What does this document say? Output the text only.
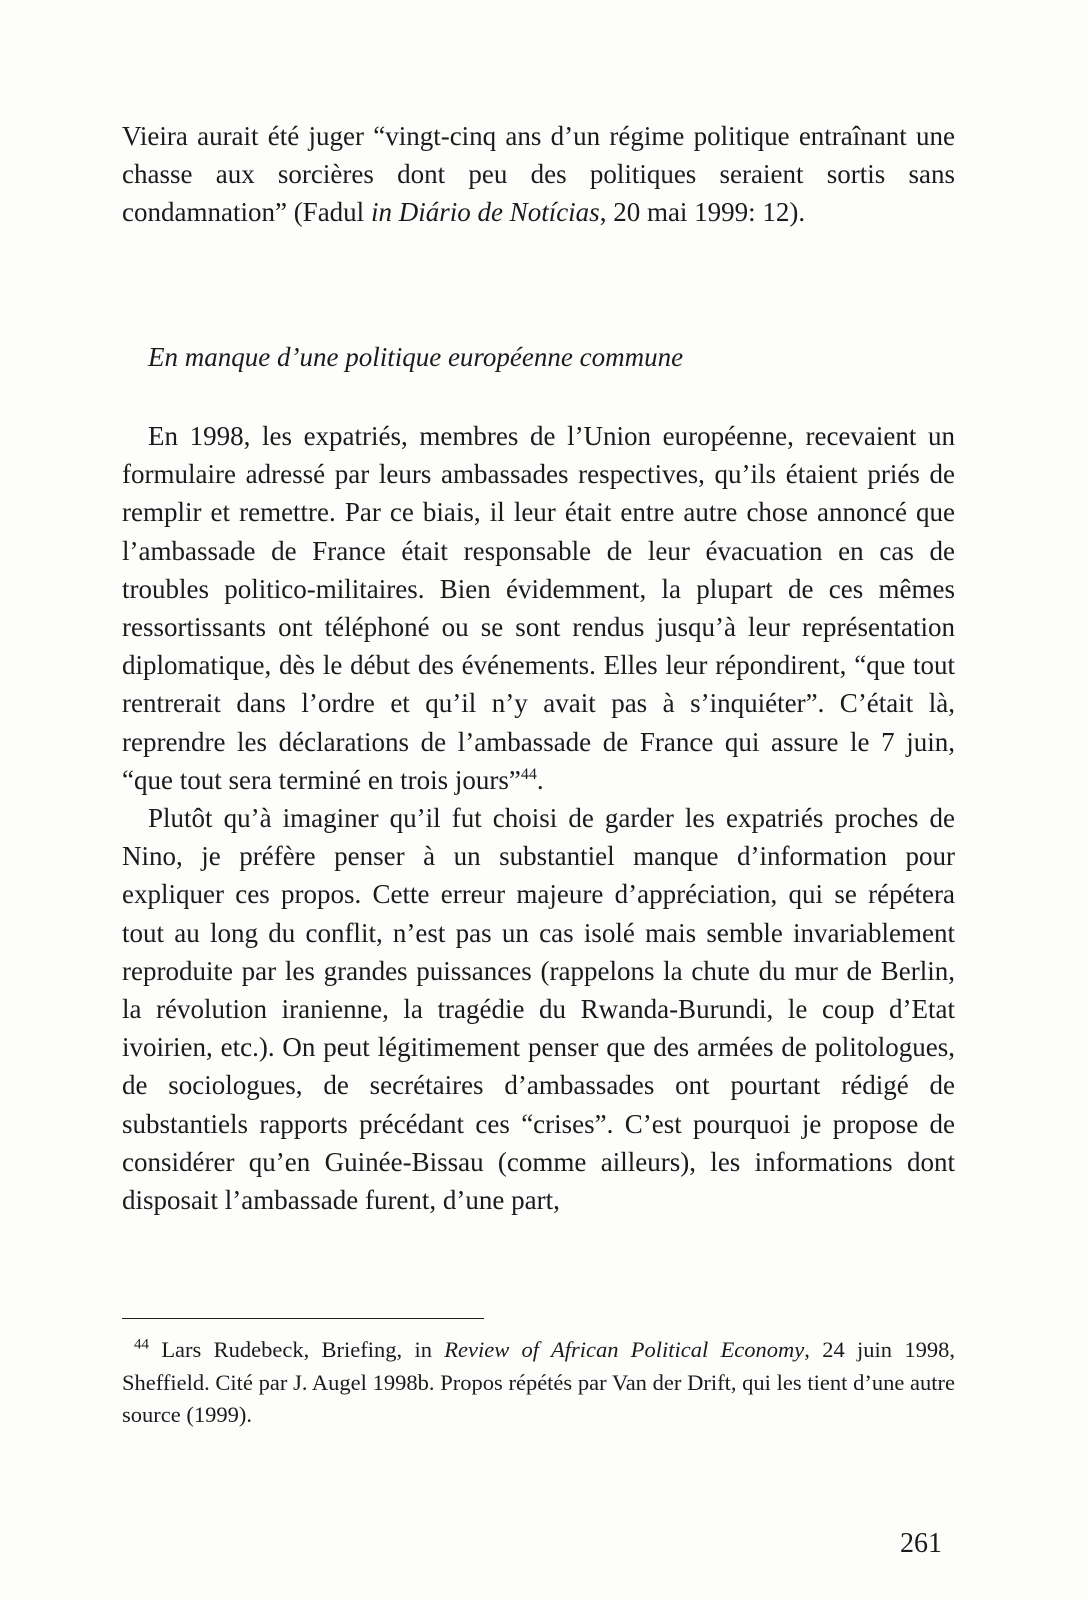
Vieira aurait été juger “vingt-cinq ans d’un régime politique entraînant une chasse aux sorcières dont peu des politiques seraient sortis sans condamnation” (Fadul in Diário de Notícias, 20 mai 1999: 12).

En manque d’une politique européenne commune

En 1998, les expatriés, membres de l’Union européenne, recevaient un formulaire adressé par leurs ambassades respectives, qu’ils étaient priés de remplir et remettre. Par ce biais, il leur était entre autre chose annoncé que l’ambassade de France était responsable de leur évacuation en cas de troubles politico-militaires. Bien évidemment, la plupart de ces mêmes ressortissants ont téléphoné ou se sont rendus jusqu’à leur représentation diplomatique, dès le début des événements. Elles leur répondirent, “que tout rentrerait dans l’ordre et qu’il n’y avait pas à s’inquiéter”. C’était là, reprendre les déclarations de l’ambassade de France qui assure le 7 juin, “que tout sera terminé en trois jours”$^{44}$.

Plutôt qu’à imaginer qu’il fut choisi de garder les expatriés proches de Nino, je préfère penser à un substantiel manque d’information pour expliquer ces propos. Cette erreur majeure d’appréciation, qui se répétera tout au long du conflit, n’est pas un cas isolé mais semble invariablement reproduite par les grandes puissances (rappelons la chute du mur de Berlin, la révolution iranienne, la tragédie du Rwanda-Burundi, le coup d’Etat ivoirien, etc.). On peut légitimement penser que des armées de politologues, de sociologues, de secrétaires d’ambassades ont pourtant rédigé de substantiels rapports précédant ces “crises”. C’est pourquoi je propose de considérer qu’en Guinée-Bissau (comme ailleurs), les informations dont disposait l’ambassade furent, d’une part,

$^{44}$ Lars Rudebeck, Briefing, in Review of African Political Economy, 24 juin 1998, Sheffield. Cité par J. Augel 1998b. Propos répétés par Van der Drift, qui les tient d’une autre source (1999).
261
